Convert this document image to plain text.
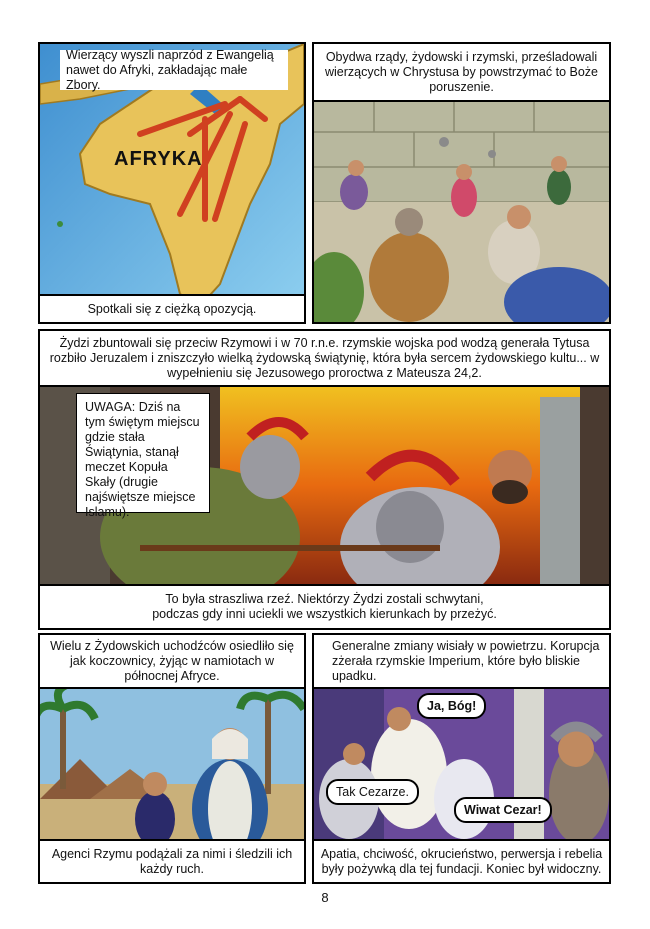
Wierzący wyszli naprzód z Ewangelią nawet do Afryki, zakładając małe Zbory.
AFRYKA
Spotkali się z ciężką opozycją.
Obydwa rządy, żydowski i rzymski, prześladowali wierzących w Chrystusa by powstrzymać to Boże poruszenie.
Żydzi zbuntowali się przeciw Rzymowi i w 70 r.n.e. rzymskie wojska pod wodzą generała Tytusa rozbiło Jeruzalem i zniszczyło wielką żydowską świątynię, która była sercem żydowskiego kultu... w wypełnieniu się Jezusowego proroctwa z Mateusza 24,2.
UWAGA: Dziś na tym świętym miejscu gdzie stała Świątynia, stanął meczet Kopuła Skały (drugie najświętsze miejsce Islamu).
To była straszliwa rzeź. Niektórzy Żydzi zostali schwytani, podczas gdy inni uciekli we wszystkich kierunkach by przeżyć.
Wielu z Żydowskich uchodźców osiedliło się jak koczownicy, żyjąc w namiotach w północnej Afryce.
Agenci Rzymu podążali za nimi i śledzili ich każdy ruch.
Generalne zmiany wisiały w powietrzu. Korupcja zżerała rzymskie Imperium, które było bliskie upadku.
Ja, Bóg!
Tak Cezarze.
Wiwat Cezar!
Apatia, chciwość, okrucieństwo, perwersja i rebelia były pożywką dla tej fundacji. Koniec był widoczny.
8
